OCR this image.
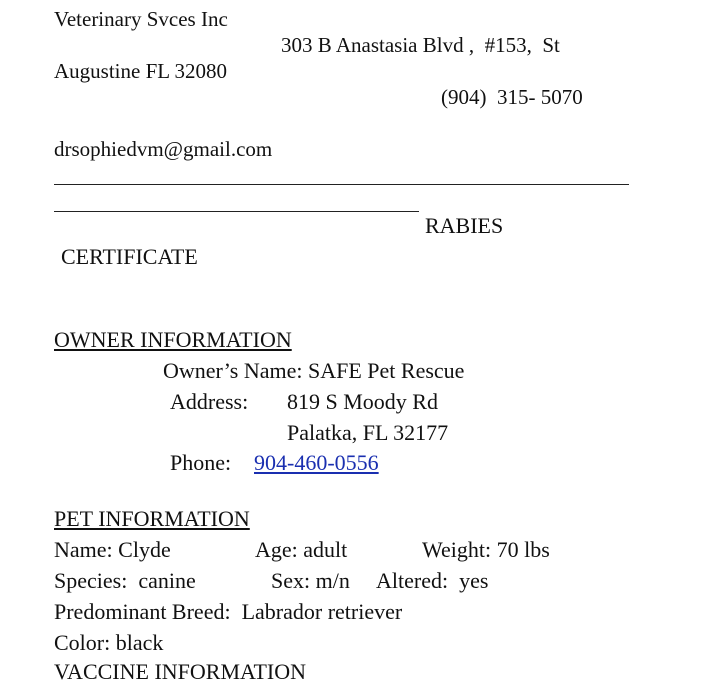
Veterinary Svces Inc
303 B Anastasia Blvd ,  #153,  St
Augustine FL 32080
(904)  315- 5070
drsophiedvm@gmail.com
RABIES
CERTIFICATE
OWNER INFORMATION
Owner’s Name: SAFE Pet Rescue
Address: 819 S Moody Rd
Palatka, FL 32177
Phone: 904-460-0556
PET INFORMATION
Name: Clyde	Age: adult	Weight: 70 lbs
Species: canine	Sex: m/n Altered: yes
Predominant Breed: Labrador retriever
Color: black
VACCINE INFORMATION
